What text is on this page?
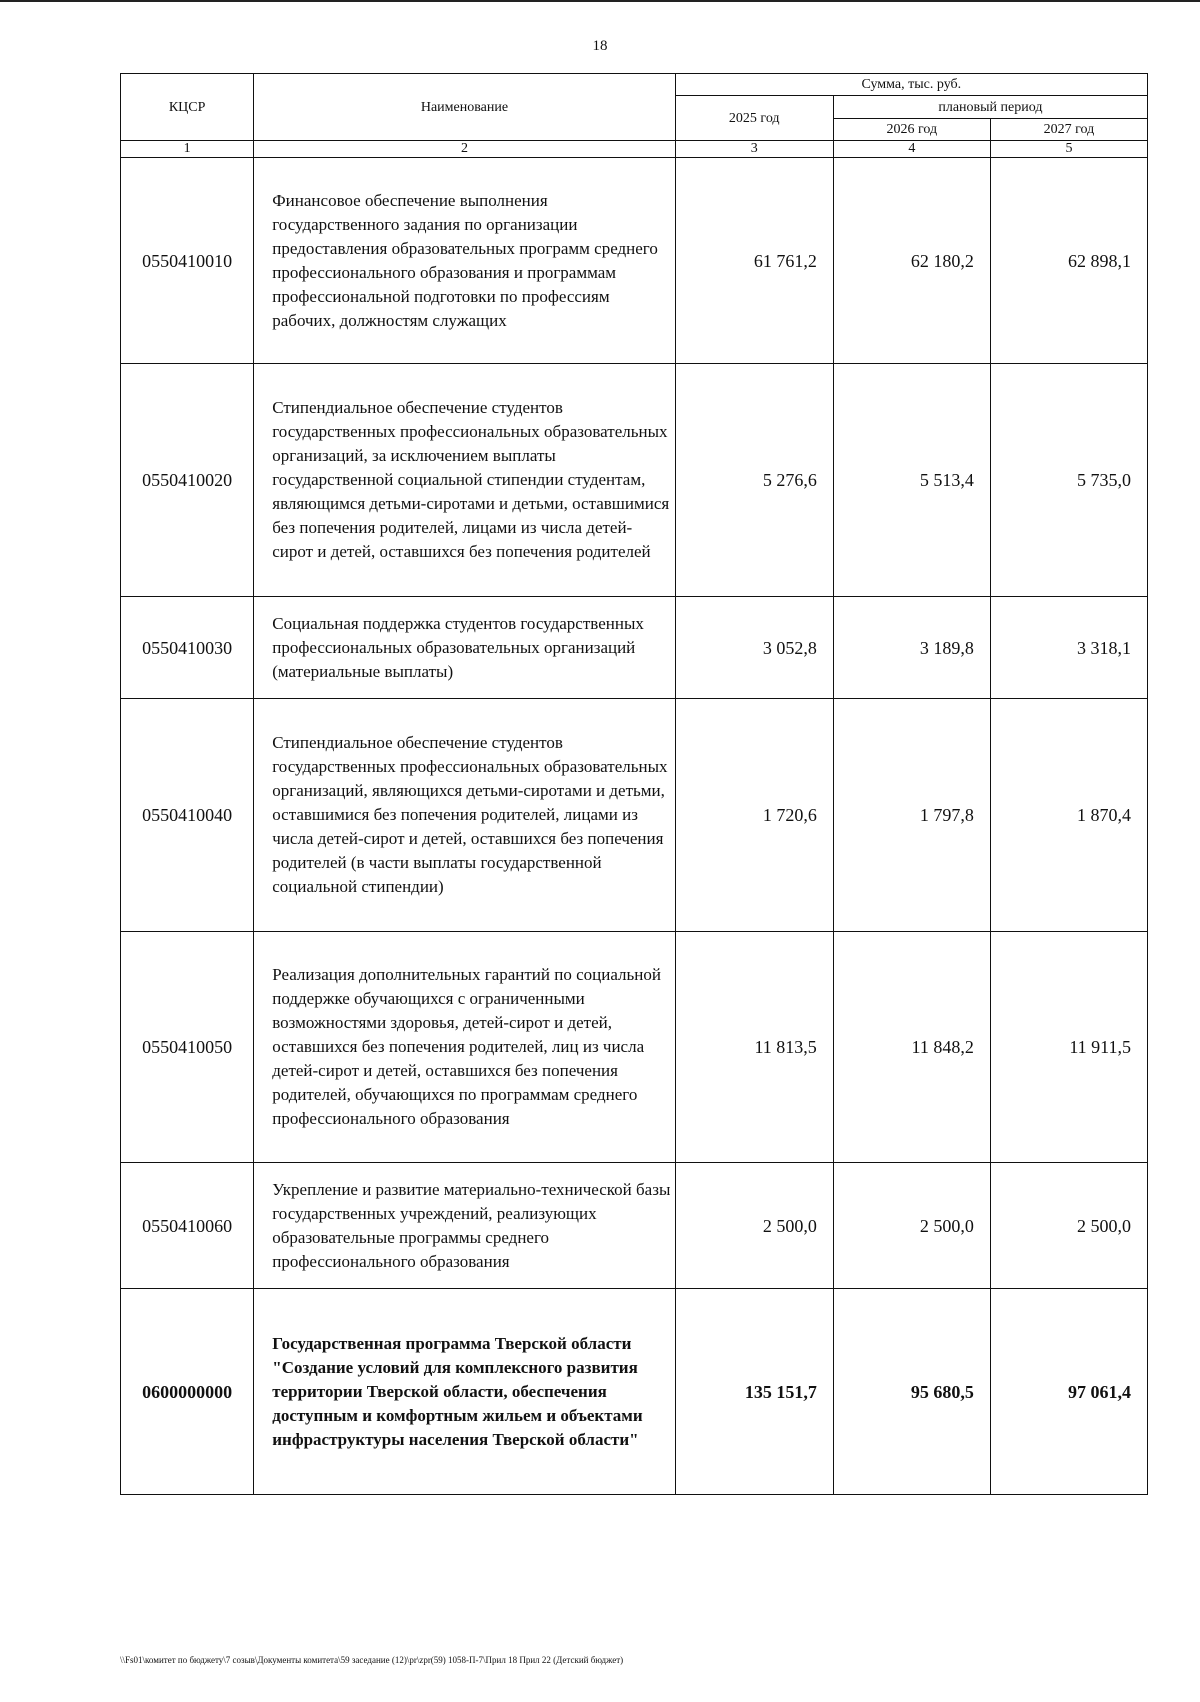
18
КЦСР	Наименование	Сумма, тыс. руб.		
		2025 год	плановый период	
			2026 год	2027 год
1	2	3	4	5
0550410010	Финансовое обеспечение выполнения государственного задания по организации предоставления образовательных программ среднего профессионального образования и программам профессиональной подготовки по профессиям рабочих, должностям служащих	61 761,2	62 180,2	62 898,1
0550410020	Стипендиальное обеспечение студентов государственных профессиональных образовательных организаций, за исключением выплаты государственной социальной стипендии студентам, являющимся детьми-сиротами и детьми, оставшимися без попечения родителей, лицами из числа детей-сирот и детей, оставшихся без попечения родителей	5 276,6	5 513,4	5 735,0
0550410030	Социальная поддержка студентов государственных профессиональных образовательных организаций (материальные выплаты)	3 052,8	3 189,8	3 318,1
0550410040	Стипендиальное обеспечение студентов государственных профессиональных образовательных организаций, являющихся детьми-сиротами и детьми, оставшимися без попечения родителей, лицами из числа детей-сирот и детей, оставшихся без попечения родителей (в части выплаты государственной социальной стипендии)	1 720,6	1 797,8	1 870,4
0550410050	Реализация дополнительных гарантий по социальной поддержке обучающихся с ограниченными возможностями здоровья, детей-сирот и детей, оставшихся без попечения родителей, лиц из числа детей-сирот и детей, оставшихся без попечения родителей, обучающихся по программам среднего профессионального образования	11 813,5	11 848,2	11 911,5
0550410060	Укрепление и развитие материально-технической базы государственных учреждений, реализующих образовательные программы среднего профессионального образования	2 500,0	2 500,0	2 500,0
0600000000	Государственная программа Тверской области "Создание условий для комплексного развития территории Тверской области, обеспечения доступным и комфортным жильем и объектами инфраструктуры населения Тверской области"	135 151,7	95 680,5	97 061,4
\\Fs01\комитет по бюджету\7 созыв\Документы комитета\59 заседание (12)\pr\zpr(59) 1058-П-7\Прил 18 Прил 22 (Детский бюджет)
